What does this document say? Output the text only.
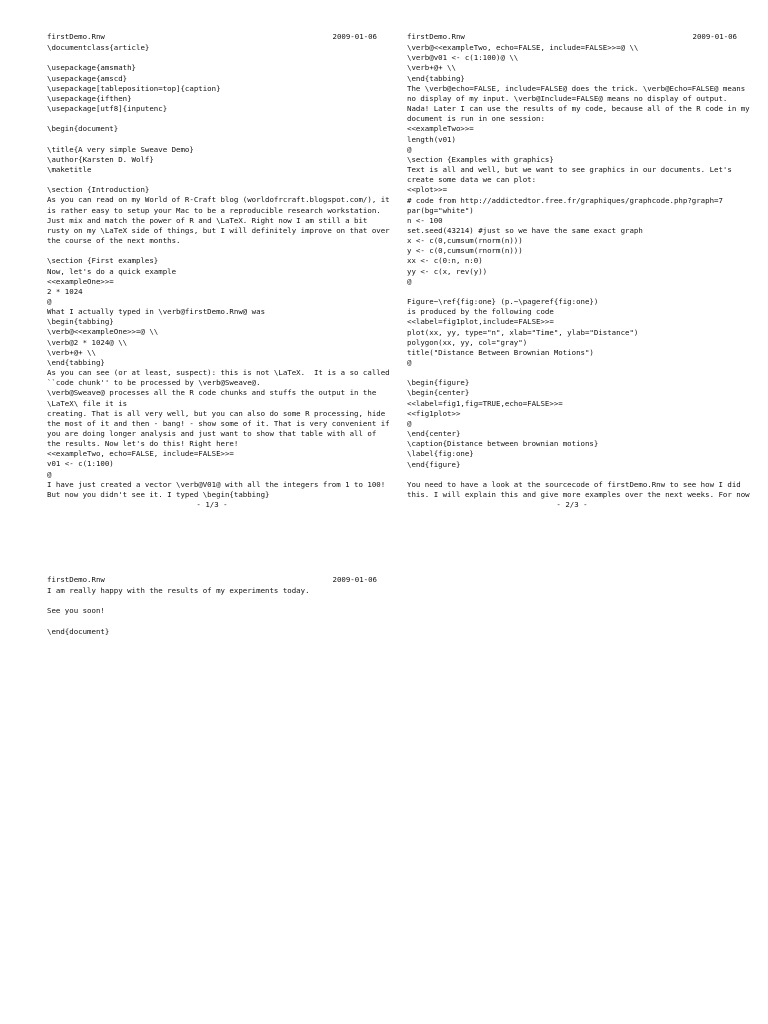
firstDemo.Rnw	2009-01-06
\documentclass{article}
\usepackage{amsmath}
\usepackage{amscd}
\usepackage[tableposition=top]{caption}
\usepackage{ifthen}
\usepackage[utf8]{inputenc}
\begin{document}
\title{A very simple Sweave Demo}
\author{Karsten D. Wolf}
\maketitle
\section {Introduction}
As you can read on my World of R-Craft blog (worldofrcraft.blogspot.com/), it
is rather easy to setup your Mac to be a reproducible research workstation.
Just mix and match the power of R and \LaTeX. Right now I am still a bit
rusty on my \LaTeX side of things, but I will definitely improve on that over
the course of the next months.
\section {First examples}
Now, let's do a quick example
<<exampleOne>>=
2 * 1024
@
What I actually typed in \verb@firstDemo.Rnw@ was
\begin{tabbing}
\verb@<<exampleOne>>=@ \\
\verb@2 * 1024@ \\
\verb+@+ \\
\end{tabbing}
As you can see (or at least, suspect): this is not \LaTeX.  It is a so called
``code chunk'' to be processed by \verb@Sweave@.
\verb@Sweave@ processes all the R code chunks and stuffs the output in the
\LaTeX\ file it is
creating. That is all very well, but you can also do some R processing, hide
the most of it and then - bang! - show some of it. That is very convenient if
you are doing longer analysis and just want to show that table with all of
the results. Now let's do this! Right here!
<<exampleTwo, echo=FALSE, include=FALSE>>=
v01 <- c(1:100)
@
I have just created a vector \verb@V01@ with all the integers from 1 to 100!
But now you didn't see it. I typed \begin{tabbing}
- 1/3 -
firstDemo.Rnw	2009-01-06
\verb@<<exampleTwo, echo=FALSE, include=FALSE>>=@ \\
\verb@v01 <- c(1:100)@ \\
\verb+@+ \\
\end{tabbing}
The \verb@echo=FALSE, include=FALSE@ does the trick. \verb@Echo=FALSE@ means
no display of my input. \verb@Include=FALSE@ means no display of output.
Nada! Later I can use the results of my code, because all of the R code in my
document is run in one session:
<<exampleTwo>>=
length(v01)
@
\section {Examples with graphics}
Text is all and well, but we want to see graphics in our documents. Let's
create some data we can plot:
<<plot>>=
# code from http://addictedtor.free.fr/graphiques/graphcode.php?graph=7
par(bg="white")
n <- 100
set.seed(43214) #just so we have the same exact graph
x <- c(0,cumsum(rnorm(n)))
y <- c(0,cumsum(rnorm(n)))
xx <- c(0:n, n:0)
yy <- c(x, rev(y))
@
Figure~\ref{fig:one} (p.~\pageref{fig:one})
is produced by the following code
<<label=fig1plot,include=FALSE>>=
plot(xx, yy, type="n", xlab="Time", ylab="Distance")
polygon(xx, yy, col="gray")
title("Distance Between Brownian Motions")
@
\begin{figure}
\begin{center}
<<label=fig1,fig=TRUE,echo=FALSE>>=
<<fig1plot>>
@
\end{center}
\caption{Distance between brownian motions}
\label{fig:one}
\end{figure}
You need to have a look at the sourcecode of firstDemo.Rnw to see how I did
this. I will explain this and give more examples over the next weeks. For now
- 2/3 -
firstDemo.Rnw	2009-01-06
I am really happy with the results of my experiments today.
See you soon!
\end{document}
